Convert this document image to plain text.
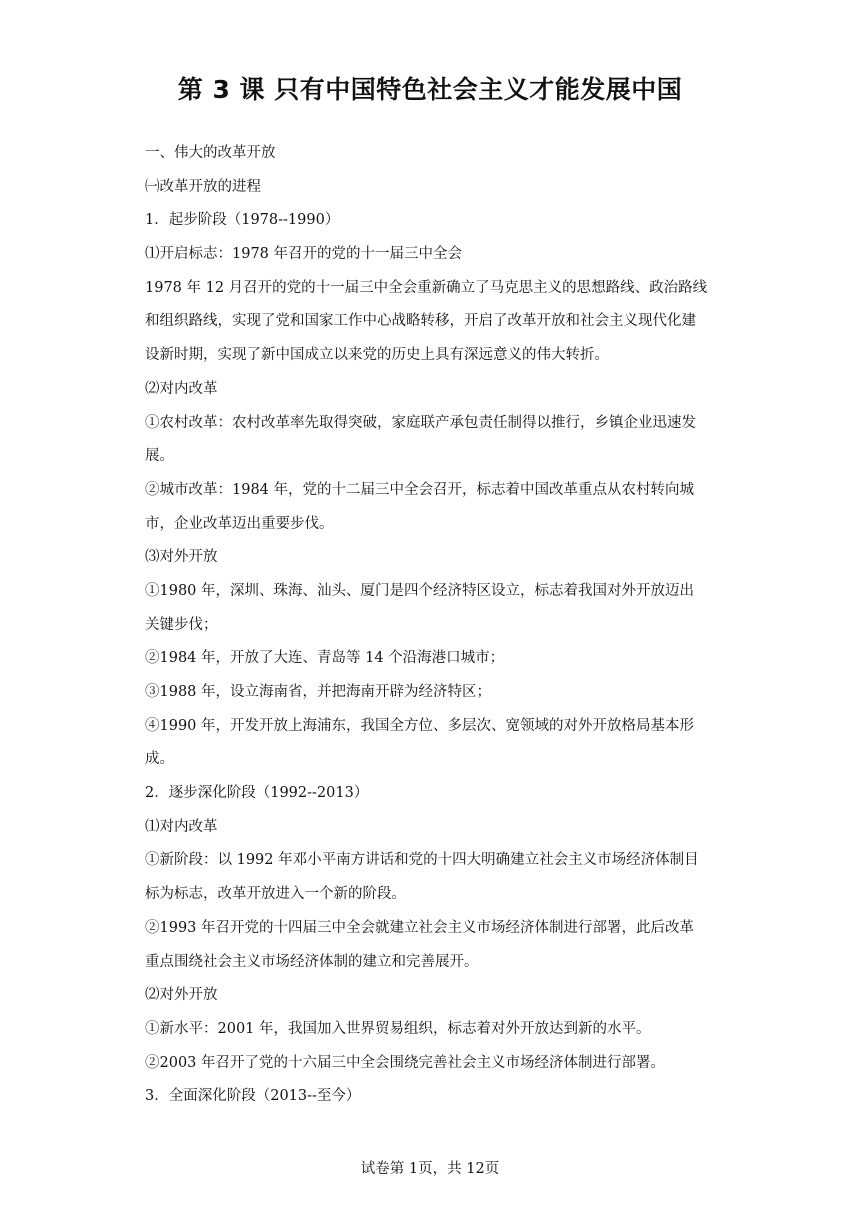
第 3 课 只有中国特色社会主义才能发展中国
一、伟大的改革开放
㈠改革开放的进程
1．起步阶段（1978--1990）
⑴开启标志：1978 年召开的党的十一届三中全会
1978 年 12 月召开的党的十一届三中全会重新确立了马克思主义的思想路线、政治路线
和组织路线，实现了党和国家工作中心战略转移，开启了改革开放和社会主义现代化建
设新时期，实现了新中国成立以来党的历史上具有深远意义的伟大转折。
⑵对内改革
①农村改革：农村改革率先取得突破，家庭联产承包责任制得以推行，乡镇企业迅速发
展。
②城市改革：1984 年，党的十二届三中全会召开，标志着中国改革重点从农村转向城
市，企业改革迈出重要步伐。
⑶对外开放
①1980 年，深圳、珠海、汕头、厦门是四个经济特区设立，标志着我国对外开放迈出
关键步伐；
②1984 年，开放了大连、青岛等 14 个沿海港口城市；
③1988 年，设立海南省，并把海南开辟为经济特区；
④1990 年，开发开放上海浦东，我国全方位、多层次、宽领域的对外开放格局基本形
成。
2．逐步深化阶段（1992--2013）
⑴对内改革
①新阶段：以 1992 年邓小平南方讲话和党的十四大明确建立社会主义市场经济体制目
标为标志，改革开放进入一个新的阶段。
②1993 年召开党的十四届三中全会就建立社会主义市场经济体制进行部署，此后改革
重点围绕社会主义市场经济体制的建立和完善展开。
⑵对外开放
①新水平：2001 年，我国加入世界贸易组织，标志着对外开放达到新的水平。
②2003 年召开了党的十六届三中全会围绕完善社会主义市场经济体制进行部署。
3．全面深化阶段（2013--至今）
试卷第 1页，共 12页
